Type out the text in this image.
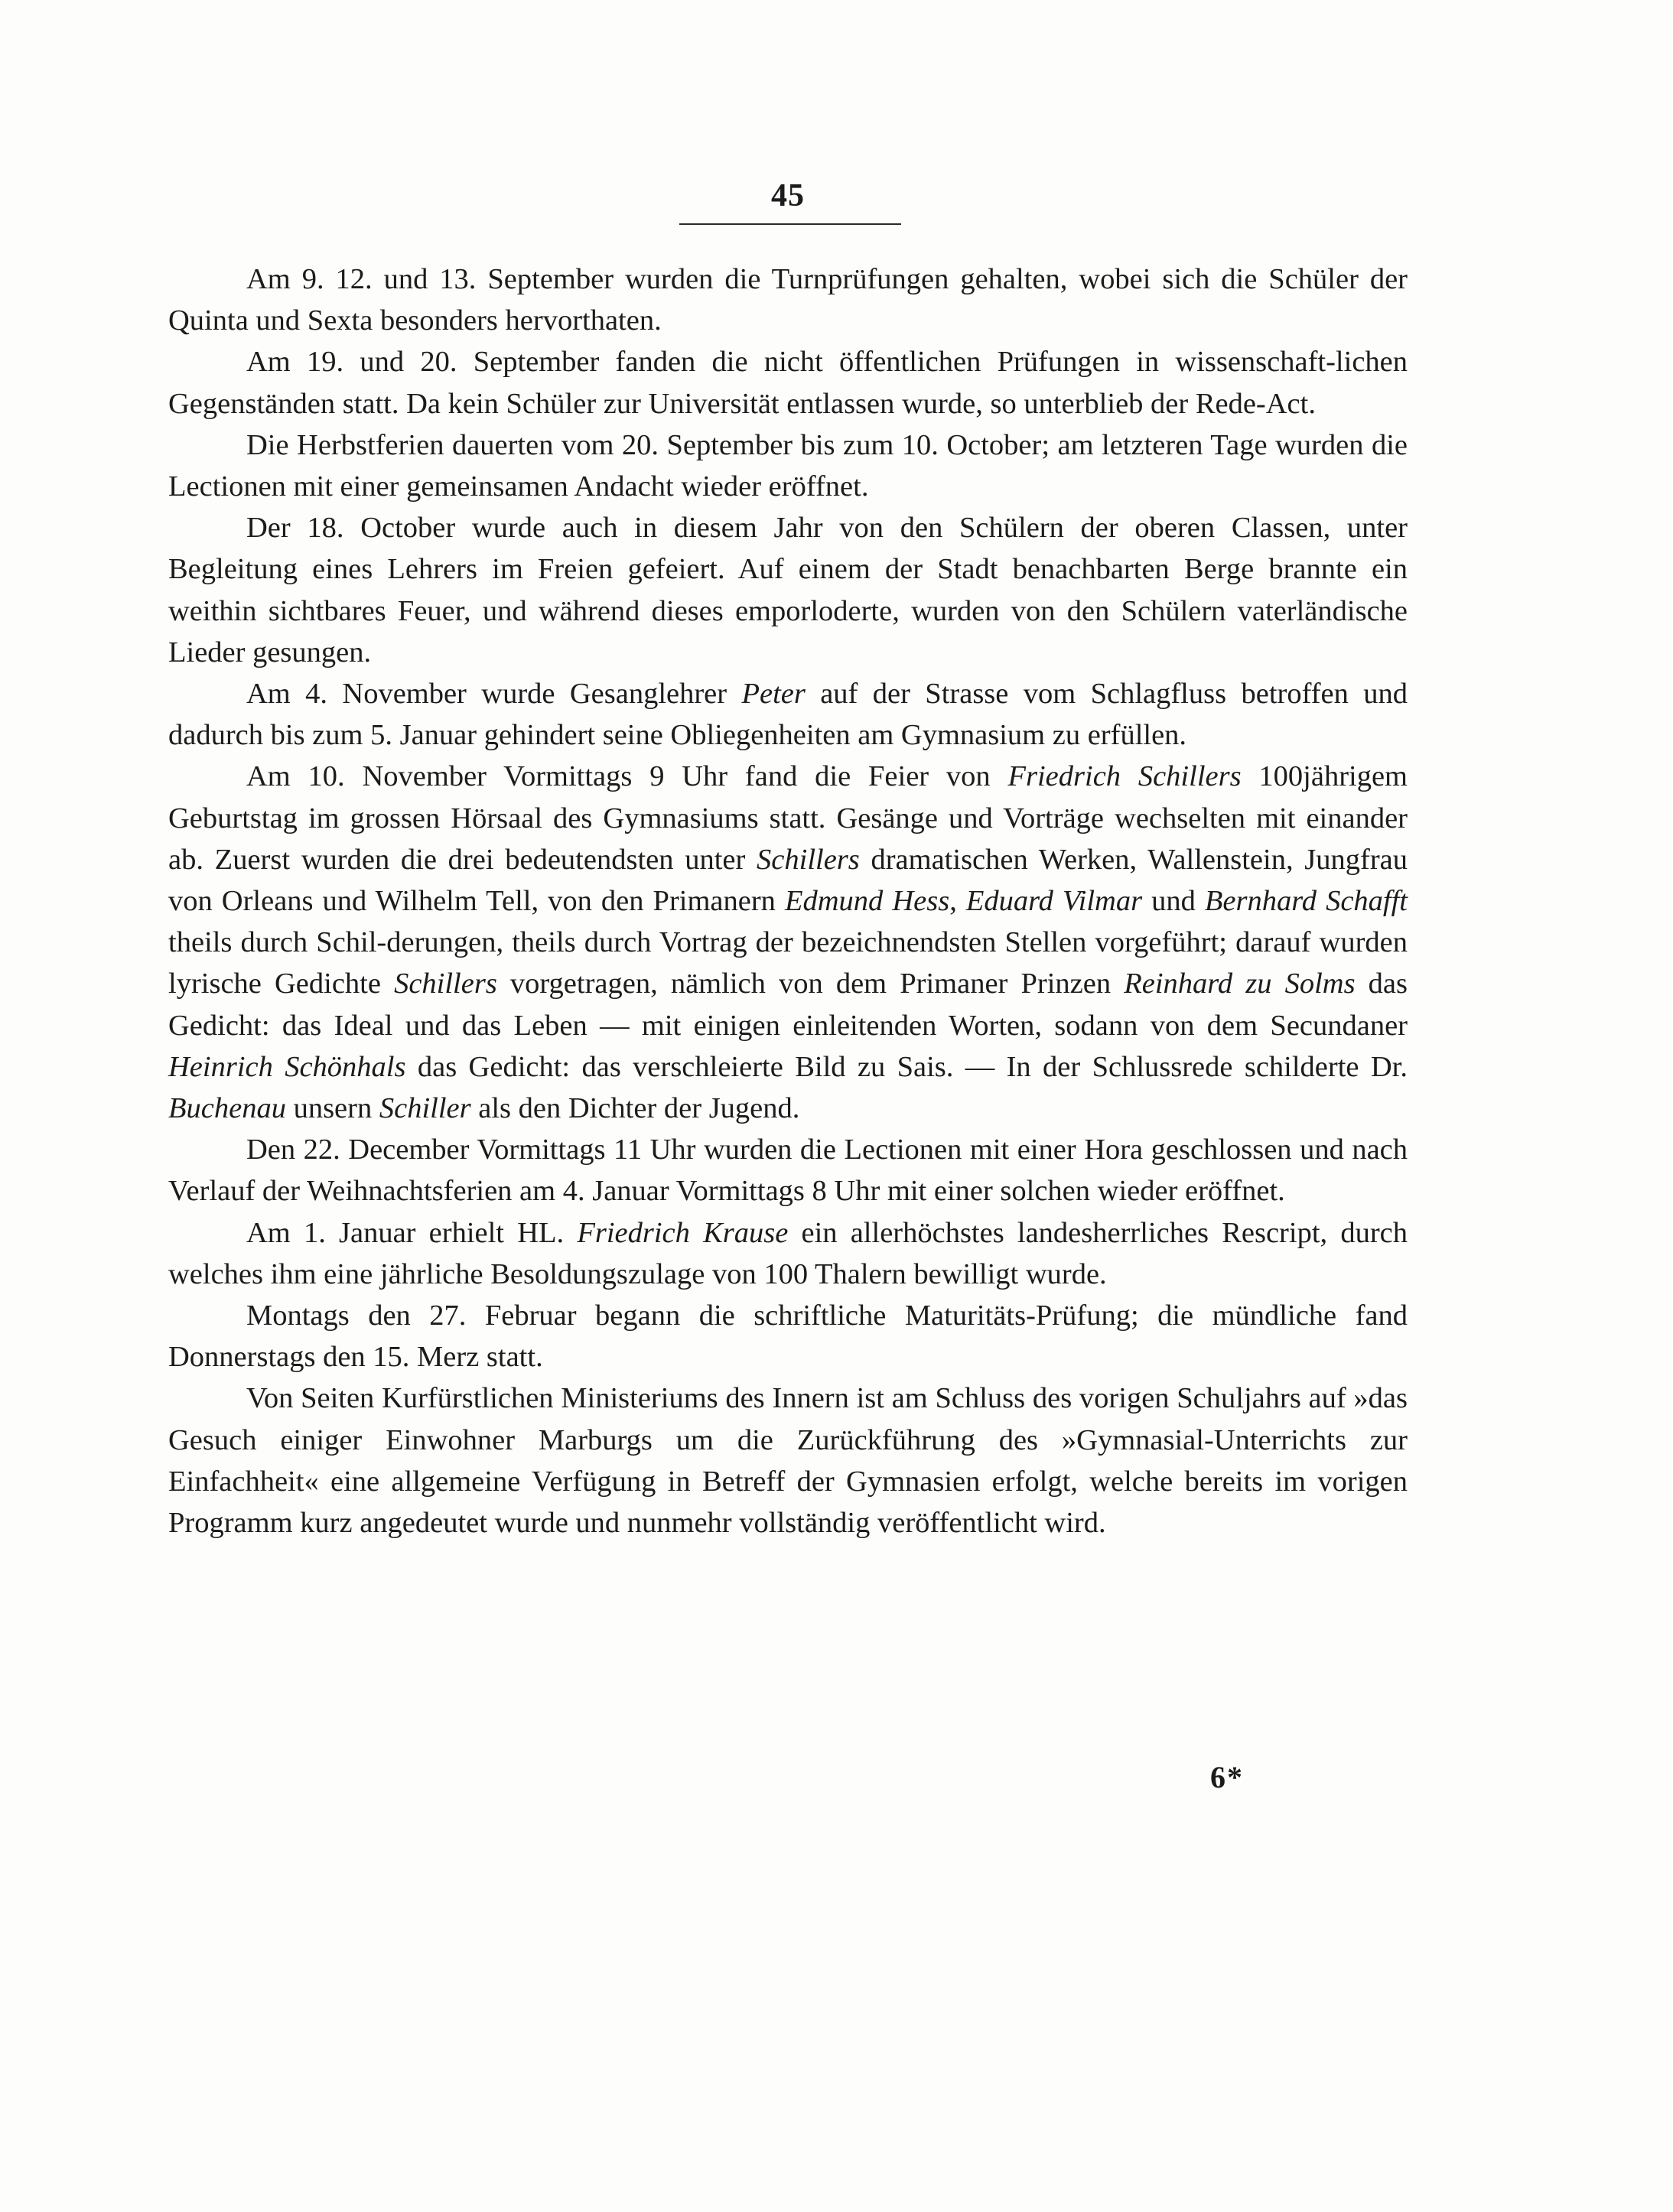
45

Am 9. 12. und 13. September wurden die Turnprüfungen gehalten, wobei sich die Schüler der Quinta und Sexta besonders hervorthaten.

Am 19. und 20. September fanden die nicht öffentlichen Prüfungen in wissenschaft-lichen Gegenständen statt. Da kein Schüler zur Universität entlassen wurde, so unterblieb der Rede-Act.

Die Herbstferien dauerten vom 20. September bis zum 10. October; am letzteren Tage wurden die Lectionen mit einer gemeinsamen Andacht wieder eröffnet.

Der 18. October wurde auch in diesem Jahr von den Schülern der oberen Classen, unter Begleitung eines Lehrers im Freien gefeiert. Auf einem der Stadt benachbarten Berge brannte ein weithin sichtbares Feuer, und während dieses emporloderte, wurden von den Schülern vaterländische Lieder gesungen.

Am 4. November wurde Gesanglehrer Peter auf der Strasse vom Schlagfluss betroffen und dadurch bis zum 5. Januar gehindert seine Obliegenheiten am Gymnasium zu erfüllen.

Am 10. November Vormittags 9 Uhr fand die Feier von Friedrich Schillers 100jährigem Geburtstag im grossen Hörsaal des Gymnasiums statt. Gesänge und Vorträge wechselten mit einander ab. Zuerst wurden die drei bedeutendsten unter Schillers dramatischen Werken, Wallenstein, Jungfrau von Orleans und Wilhelm Tell, von den Primanern Edmund Hess, Eduard Vilmar und Bernhard Schafft theils durch Schil-derungen, theils durch Vortrag der bezeichnendsten Stellen vorgeführt; darauf wurden lyrische Gedichte Schillers vorgetragen, nämlich von dem Primaner Prinzen Reinhard zu Solms das Gedicht: das Ideal und das Leben — mit einigen einleitenden Worten, sodann von dem Secundaner Heinrich Schönhals das Gedicht: das verschleierte Bild zu Sais. — In der Schlussrede schilderte Dr. Buchenau unsern Schiller als den Dichter der Jugend.

Den 22. December Vormittags 11 Uhr wurden die Lectionen mit einer Hora geschlossen und nach Verlauf der Weihnachtsferien am 4. Januar Vormittags 8 Uhr mit einer solchen wieder eröffnet.

Am 1. Januar erhielt HL. Friedrich Krause ein allerhöchstes landesherrliches Rescript, durch welches ihm eine jährliche Besoldungszulage von 100 Thalern bewilligt wurde.

Montags den 27. Februar begann die schriftliche Maturitäts-Prüfung; die mündliche fand Donnerstags den 15. Merz statt.

Von Seiten Kurfürstlichen Ministeriums des Innern ist am Schluss des vorigen Schuljahrs auf »das Gesuch einiger Einwohner Marburgs um die Zurückführung des »Gymnasial-Unterrichts zur Einfachheit« eine allgemeine Verfügung in Betreff der Gymnasien erfolgt, welche bereits im vorigen Programm kurz angedeutet wurde und nunmehr vollständig veröffentlicht wird.

6*
